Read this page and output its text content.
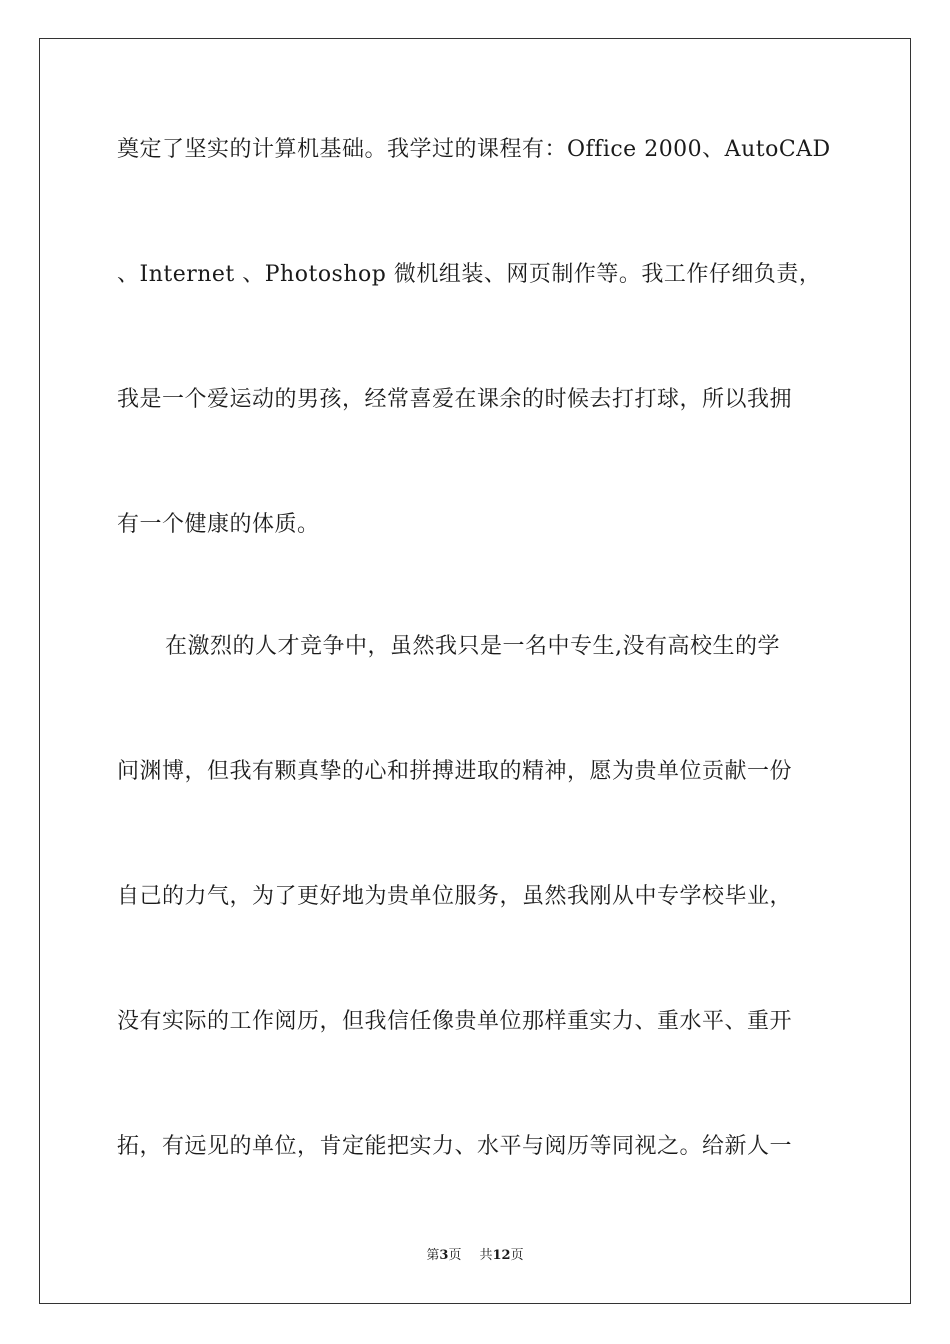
奠定了坚实的计算机基础。我学过的课程有：Office 2000、AutoCAD
、Internet 、Photoshop 微机组装、网页制作等。我工作仔细负责，
我是一个爱运动的男孩，经常喜爱在课余的时候去打打球，所以我拥
有一个健康的体质。
在激烈的人才竞争中，虽然我只是一名中专生,没有高校生的学
问渊博，但我有颗真挚的心和拼搏进取的精神，愿为贵单位贡献一份
自己的力气，为了更好地为贵单位服务，虽然我刚从中专学校毕业，
没有实际的工作阅历，但我信任像贵单位那样重实力、重水平、重开
拓，有远见的单位，肯定能把实力、水平与阅历等同视之。给新人一
第3页 共12页
